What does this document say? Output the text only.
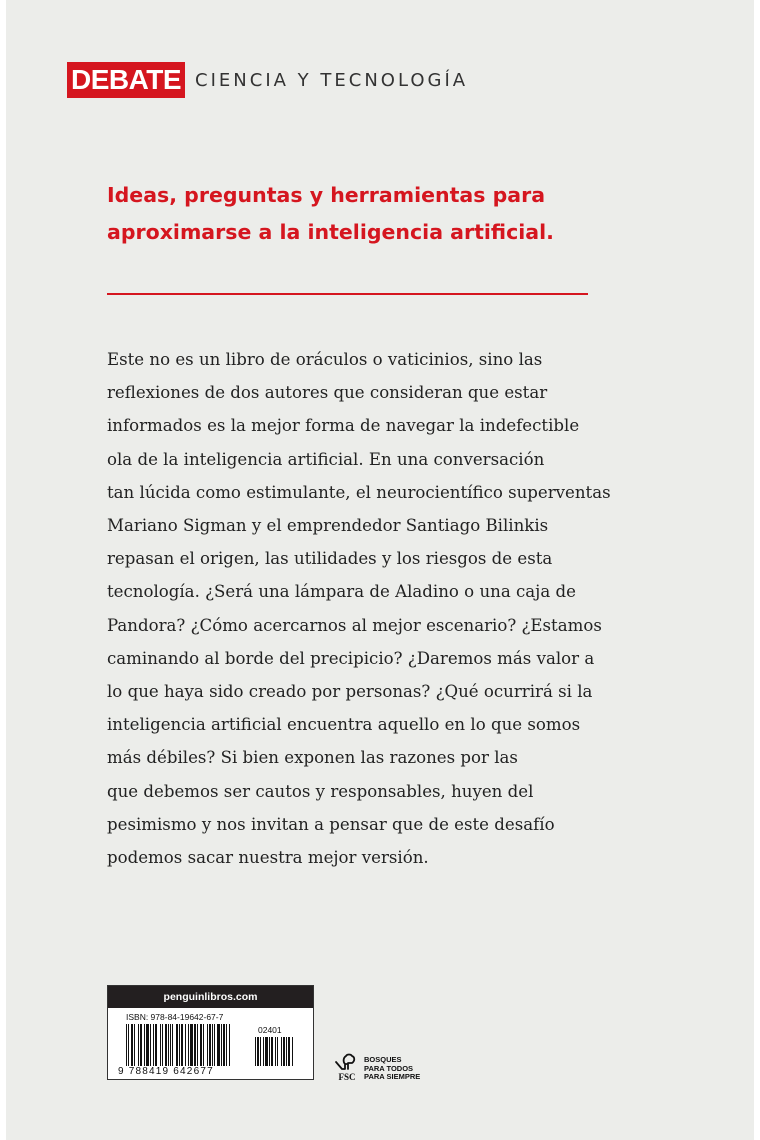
DEBATE CIENCIA Y TECNOLOGÍA
Ideas, preguntas y herramientas para
aproximarse a la inteligencia artificial.

Este no es un libro de oráculos o vaticinios, sino las
reflexiones de dos autores que consideran que estar
informados es la mejor forma de navegar la indefectible
ola de la inteligencia artificial. En una conversación
tan lúcida como estimulante, el neurocientífico superventas
Mariano Sigman y el emprendedor Santiago Bilinkis
repasan el origen, las utilidades y los riesgos de esta
tecnología. ¿Será una lámpara de Aladino o una caja de
Pandora? ¿Cómo acercarnos al mejor escenario? ¿Estamos
caminando al borde del precipicio? ¿Daremos más valor a
lo que haya sido creado por personas? ¿Qué ocurrirá si la
inteligencia artificial encuentra aquello en lo que somos
más débiles? Si bien exponen las razones por las
que debemos ser cautos y responsables, huyen del
pesimismo y nos invitan a pensar que de este desafío
podemos sacar nuestra mejor versión.

penguinlibros.com
ISBN: 978-84-19642-67-7
02401
9 788419 642677	FSC
BOSQUES
PARA TODOS
PARA SIEMPRE
